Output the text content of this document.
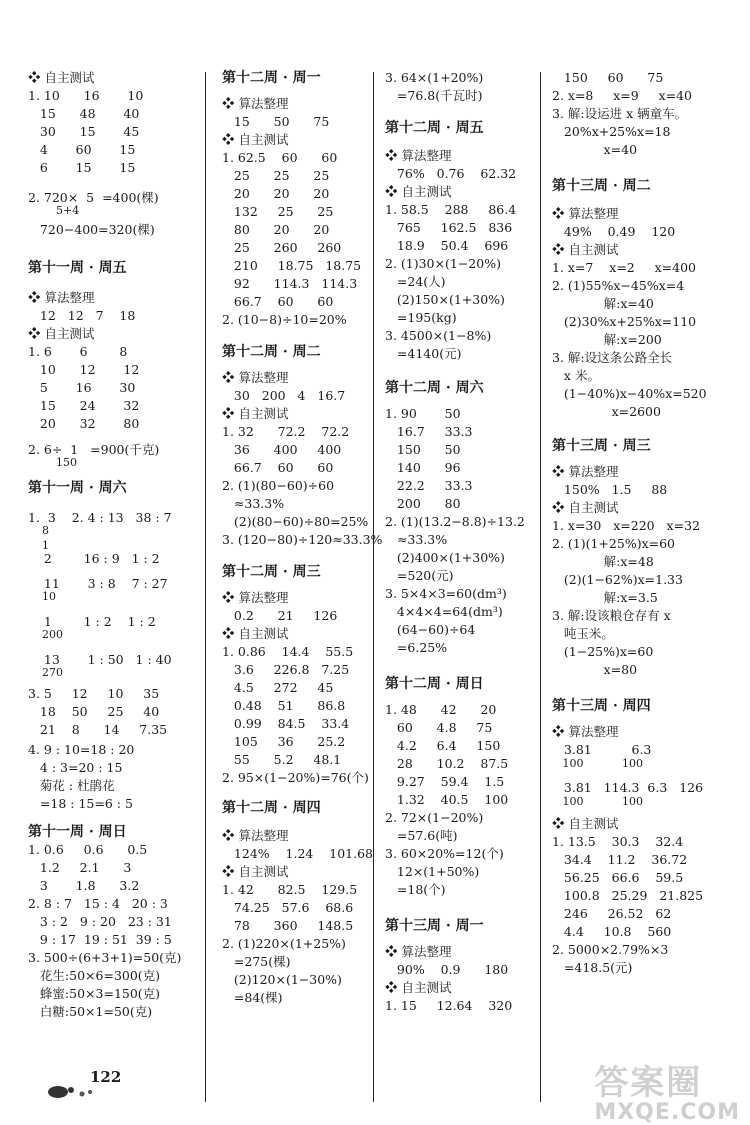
❖ 自主测试
1. 10      16       10
15      48       40
30      15       45
4       60       15
6       15       15
2. 720×  5  =400(棵)
5+4
720−400=320(棵)
第十一周 · 周五
❖ 算法整理
12   12   7    18
❖ 自主测试
1. 6       6        8
10      12       12
5       16       30
15      24       32
20      32       80
2. 6÷  1   =900(千克)
150
第十一周 · 周六
1.  3    2. 4 : 13   38 : 7
8
1
2        16 : 9   1 : 2
11       3 : 8    7 : 27
10
1        1 : 2    1 : 2
200
13       1 : 50   1 : 40
270
3. 5     12     10     35
18    50     25     40
21    8      14     7.35
4. 9 : 10=18 : 20
4 : 3=20 : 15
菊花 : 杜鹃花
=18 : 15=6 : 5
第十一周 · 周日
1. 0.6     0.6      0.5
1.2     2.1      3
3       1.8      3.2
2. 8 : 7   15 : 4   20 : 3
3 : 2   9 : 20   23 : 31
9 : 17  19 : 51  39 : 5
3. 500÷(6+3+1)=50(克)
花生:50×6=300(克)
蜂蜜:50×3=150(克)
白糖:50×1=50(克)
第十二周 · 周一
❖ 算法整理
15      50      75
❖ 自主测试
1. 62.5    60      60
25      25      25
20      20      20
132     25      25
80      20      20
25      260     260
210     18.75   18.75
92      114.3   114.3
66.7    60      60
2. (10−8)÷10=20%
第十二周 · 周二
❖ 算法整理
30   200   4   16.7
❖ 自主测试
1. 32      72.2    72.2
36      400     400
66.7    60      60
2. (1)(80−60)÷60
≈33.3%
(2)(80−60)÷80=25%
3. (120−80)÷120≈33.3%
第十二周 · 周三
❖ 算法整理
0.2      21     126
❖ 自主测试
1. 0.86    14.4    55.5
3.6     226.8   7.25
4.5     272     45
0.48    51      86.8
0.99    84.5    33.4
105     36      25.2
55      5.2     48.1
2. 95×(1−20%)=76(个)
第十二周 · 周四
❖ 算法整理
124%    1.24    101.68
❖ 自主测试
1. 42      82.5    129.5
74.25   57.6    68.6
78      360     148.5
2. (1)220×(1+25%)
=275(棵)
(2)120×(1−30%)
=84(棵)
3. 64×(1+20%)
=76.8(千瓦时)
第十二周 · 周五
❖ 算法整理
76%   0.76    62.32
❖ 自主测试
1. 58.5    288     86.4
765     162.5   836
18.9    50.4    696
2. (1)30×(1−20%)
=24(人)
(2)150×(1+30%)
=195(kg)
3. 4500×(1−8%)
=4140(元)
第十二周 · 周六
1. 90       50
16.7     33.3
150      50
140      96
22.2     33.3
200      80
2. (1)(13.2−8.8)÷13.2
≈33.3%
(2)400×(1+30%)
=520(元)
3. 5×4×3=60(dm³)
4×4×4=64(dm³)
(64−60)÷64
=6.25%
第十二周 · 周日
1. 48      42      20
60      4.8     75
4.2     6.4     150
28      10.2    87.5
9.27    59.4    1.5
1.32    40.5    100
2. 72×(1−20%)
=57.6(吨)
3. 60×20%=12(个)
12×(1+50%)
=18(个)
第十三周 · 周一
❖ 算法整理
90%    0.9      180
❖ 自主测试
1. 15     12.64    320
150     60      75
2. x=8     x=9     x=40
3. 解:设运进 x 辆童车。
20%x+25%x=18
x=40
第十三周 · 周二
❖ 算法整理
49%    0.49    120
❖ 自主测试
1. x=7    x=2     x=400
2. (1)55%x−45%x=4
解:x=40
(2)30%x+25%x=110
解:x=200
3. 解:设这条公路全长
x 米。
(1−40%)x−40%x=520
x=2600
第十三周 · 周三
❖ 算法整理
150%   1.5     88
❖ 自主测试
1. x=30   x=220   x=32
2. (1)(1+25%)x=60
解:x=48
(2)(1−62%)x=1.33
解:x=3.5
3. 解:设该粮仓存有 x
吨玉米。
(1−25%)x=60
x=80
第十三周 · 周四
❖ 算法整理
3.81          6.3
100           100
3.81   114.3  6.3   126
100           100
❖ 自主测试
1. 13.5    30.3    32.4
34.4    11.2    36.72
56.25   66.6    59.5
100.8   25.29   21.825
246     26.52   62
4.4     10.8    560
2. 5000×2.79%×3
=418.5(元)
122	答案圈
MXQE.COM
